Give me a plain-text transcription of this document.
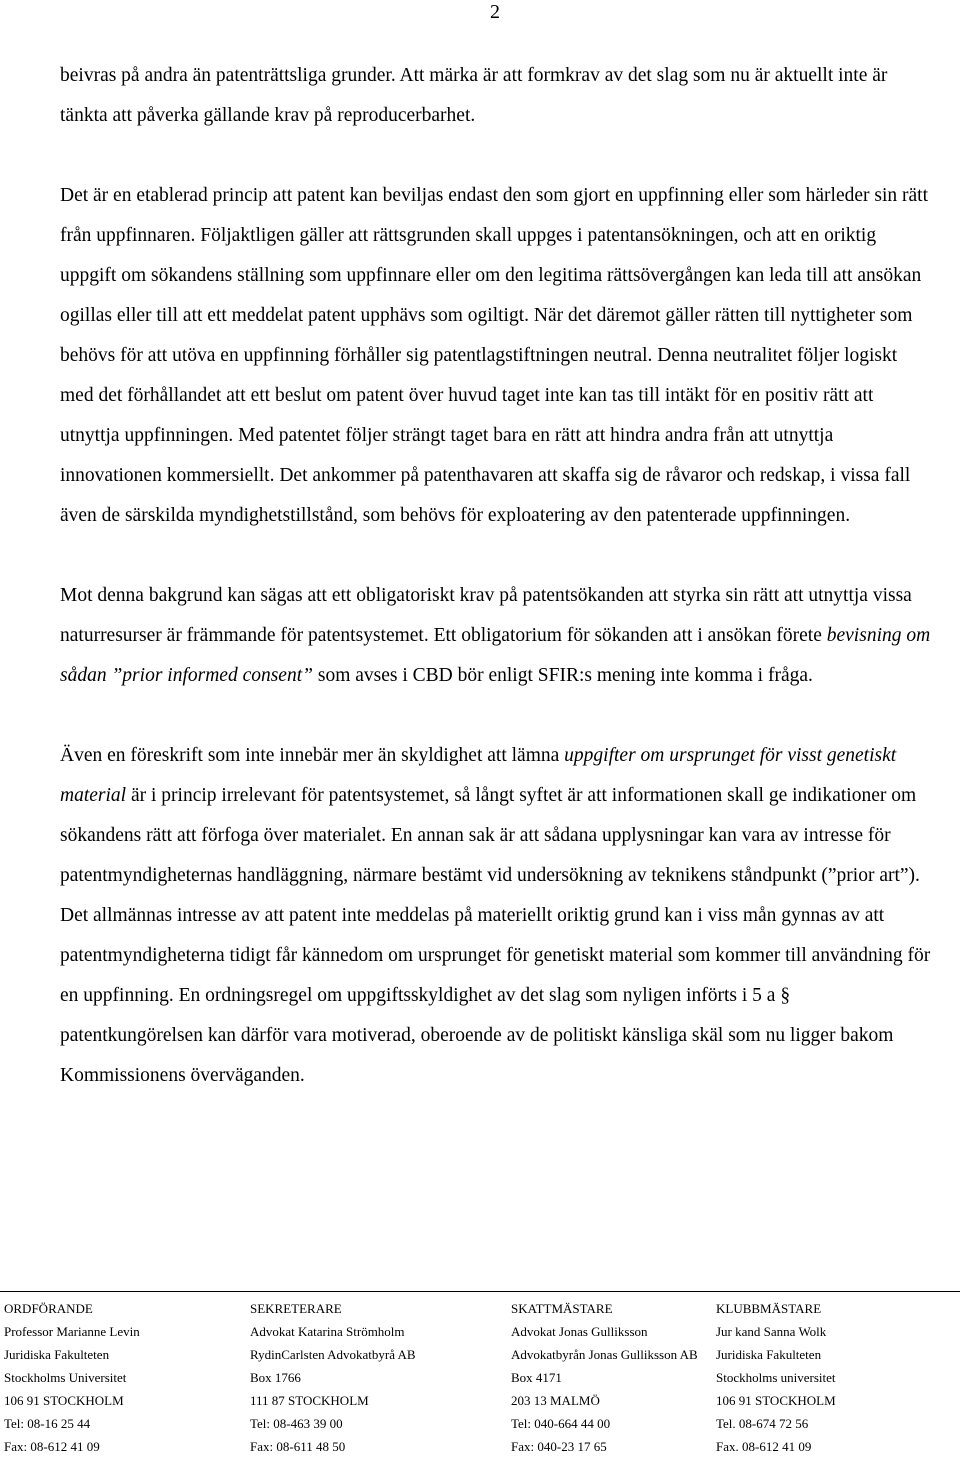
2

beivras på andra än patenträttsliga grunder. Att märka är att formkrav av det slag som nu är aktuellt inte är tänkta att påverka gällande krav på reproducerbarhet.

Det är en etablerad princip att patent kan beviljas endast den som gjort en uppfinning eller som härleder sin rätt från uppfinnaren. Följaktligen gäller att rättsgrunden skall uppges i patentansökningen, och att en oriktig uppgift om sökandens ställning som uppfinnare eller om den legitima rättsövergången kan leda till att ansökan ogillas eller till att ett meddelat patent upphävs som ogiltigt. När det däremot gäller rätten till nyttigheter som behövs för att utöva en uppfinning förhåller sig patentlagstiftningen neutral. Denna neutralitet följer logiskt med det förhållandet att ett beslut om patent över huvud taget inte kan tas till intäkt för en positiv rätt att utnyttja uppfinningen. Med patentet följer strängt taget bara en rätt att hindra andra från att utnyttja innovationen kommersiellt. Det ankommer på patenthavaren att skaffa sig de råvaror och redskap, i vissa fall även de särskilda myndighetstillstånd, som behövs för exploatering av den patenterade uppfinningen.

Mot denna bakgrund kan sägas att ett obligatoriskt krav på patentsökanden att styrka sin rätt att utnyttja vissa naturresurser är främmande för patentsystemet. Ett obligatorium för sökanden att i ansökan förete bevisning om sådan ”prior informed consent” som avses i CBD bör enligt SFIR:s mening inte komma i fråga.

Även en föreskrift som inte innebär mer än skyldighet att lämna uppgifter om ursprunget för visst genetiskt material är i princip irrelevant för patentsystemet, så långt syftet är att informationen skall ge indikationer om sökandens rätt att förfoga över materialet. En annan sak är att sådana upplysningar kan vara av intresse för patentmyndigheternas handläggning, närmare bestämt vid undersökning av teknikens ståndpunkt (”prior art”). Det allmännas intresse av att patent inte meddelas på materiellt oriktig grund kan i viss mån gynnas av att patentmyndigheterna tidigt får kännedom om ursprunget för genetiskt material som kommer till användning för en uppfinning. En ordningsregel om uppgiftsskyldighet av det slag som nyligen införts i 5 a § patentkungörelsen kan därför vara motiverad, oberoende av de politiskt känsliga skäl som nu ligger bakom Kommissionens överväganden.

ORDFÖRANDE
Professor Marianne Levin
Juridiska Fakulteten
Stockholms Universitet
106 91 STOCKHOLM
Tel: 08-16 25 44
Fax: 08-612 41 09
SEKRETERARE
Advokat Katarina Strömholm
RydinCarlsten Advokatbyrå AB
Box 1766
111 87 STOCKHOLM
Tel: 08-463 39 00
Fax: 08-611 48 50
SKATTMÄSTARE
Advokat Jonas Gulliksson
Advokatbyrån Jonas Gulliksson AB
Box 4171
203 13 MALMÖ
Tel: 040-664 44 00
Fax: 040-23 17 65
KLUBBMÄSTARE
Jur kand Sanna Wolk
Juridiska Fakulteten
Stockholms universitet
106 91 STOCKHOLM
Tel. 08-674 72 56
Fax. 08-612 41 09
